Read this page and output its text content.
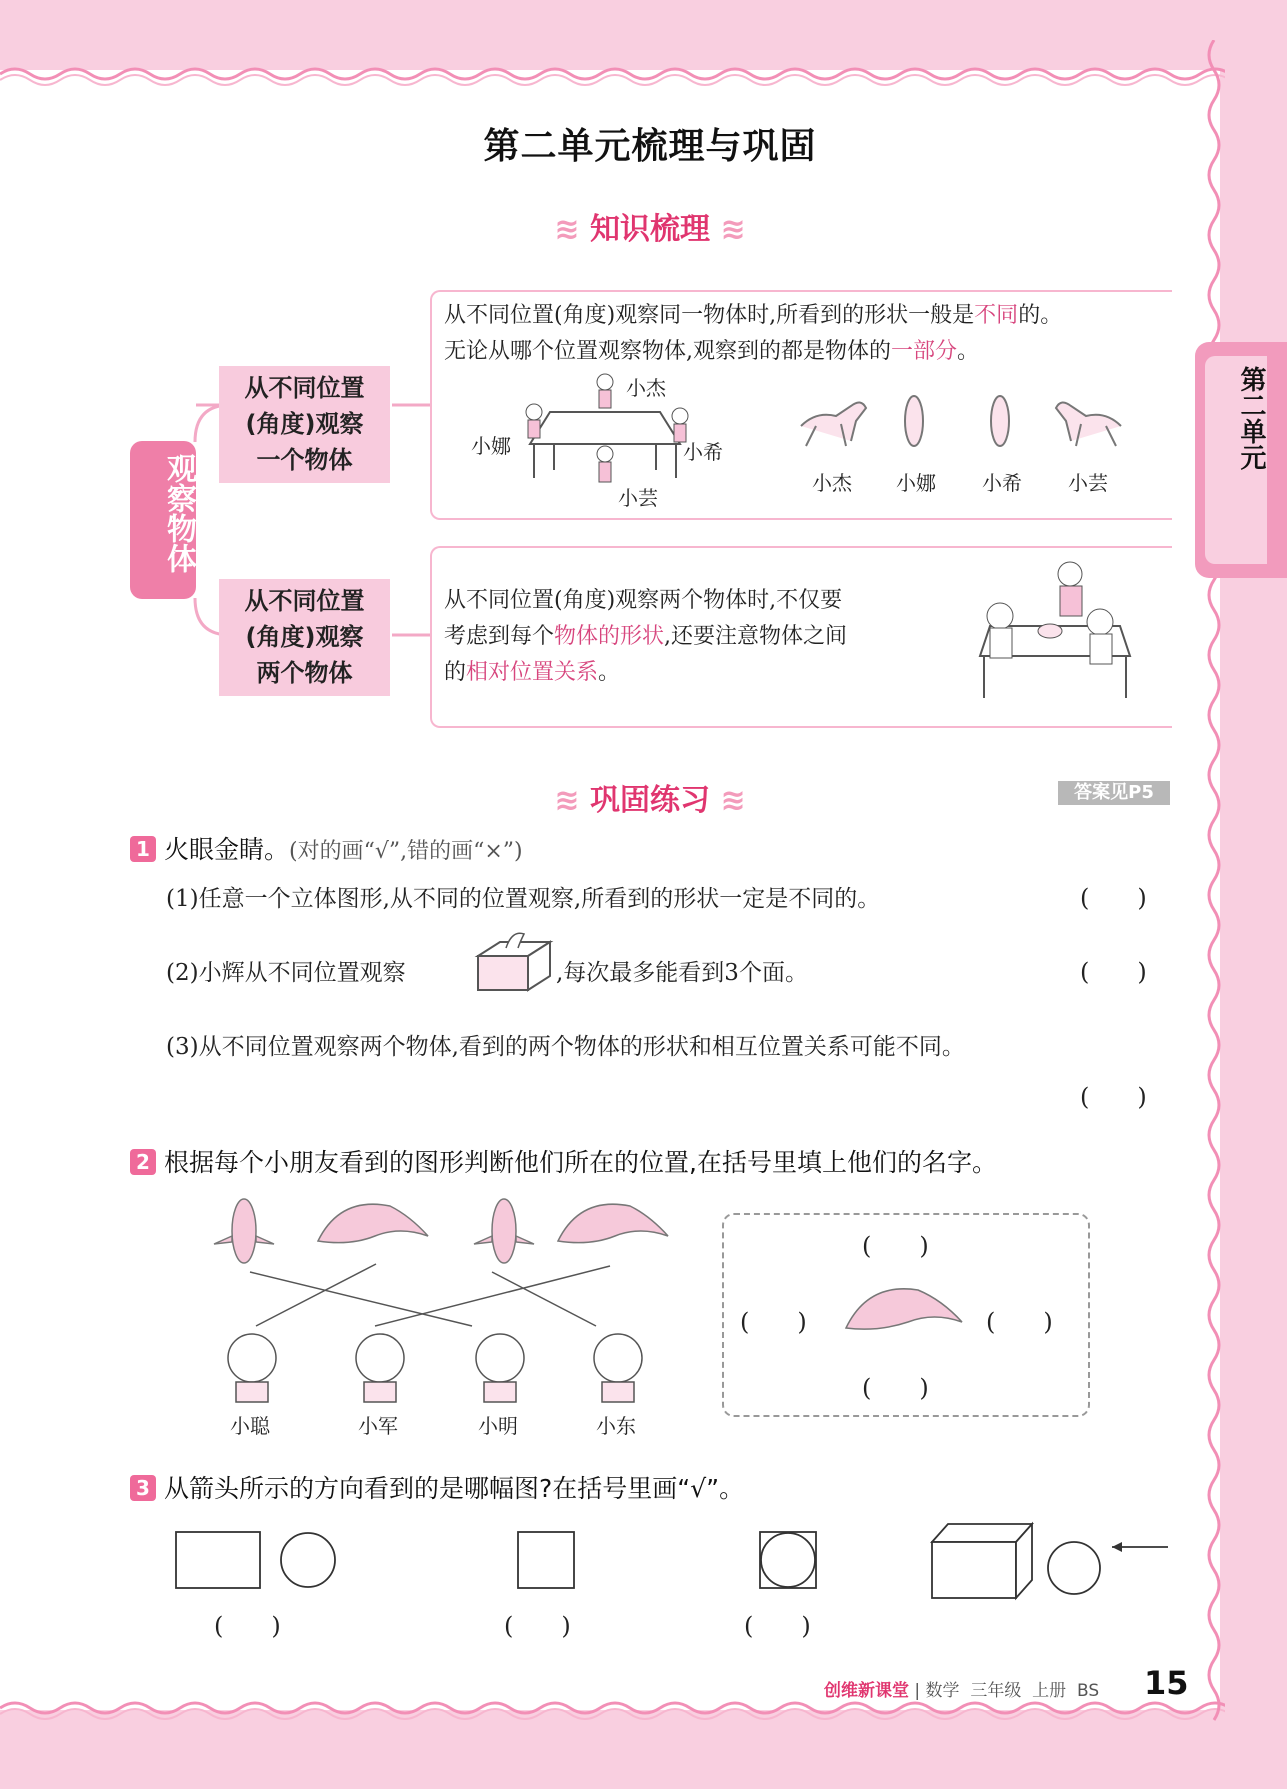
第二单元
第二单元梳理与巩固
≋ 知识梳理 ≋
观察物体
从不同位置
(角度)观察
一个物体
从不同位置
(角度)观察
两个物体
从不同位置(角度)观察同一物体时,所看到的形状一般是不同的。
无论从哪个位置观察物体,观察到的都是物体的一部分。
小杰
小娜	小希
小芸
小杰 小娜 小希 小芸
从不同位置(角度)观察两个物体时,不仅要
考虑到每个物体的形状,还要注意物体之间
的相对位置关系。
≋ 巩固练习 ≋	答案见P5
1 火眼金睛。(对的画“√”,错的画“×”)
(1)任意一个立体图形,从不同的位置观察,所看到的形状一定是不同的。	(　　)
(2)小辉从不同位置观察	,每次最多能看到3个面。	(　　)
(3)从不同位置观察两个物体,看到的两个物体的形状和相互位置关系可能不同。
(　　)
2 根据每个小朋友看到的图形判断他们所在的位置,在括号里填上他们的名字。
小聪	小军	小明	小东
(　　)
(　　)	(　　)
(　　)
3 从箭头所示的方向看到的是哪幅图?在括号里画“√”。
(　　)	(　　)	(　　)
创维新课堂 | 数学 三年级 上册 BS 15
